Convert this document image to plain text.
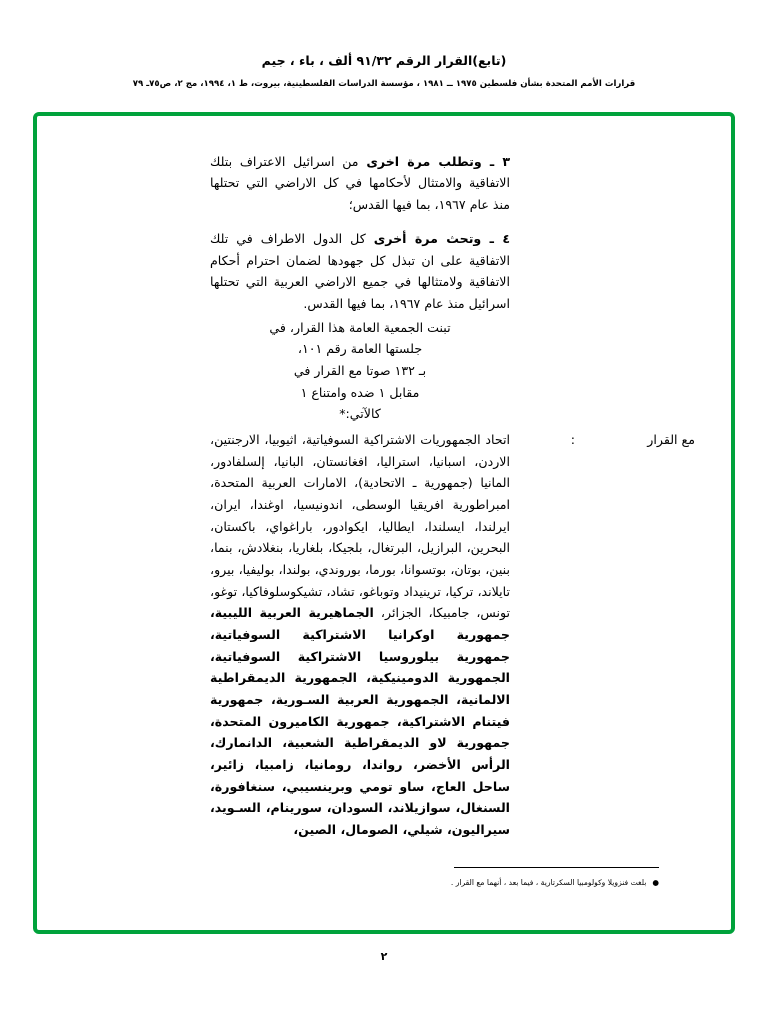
(تابع)القرار الرقم ٩١/٣٢ ألف ، باء ، جيم
قرارات الأمم المتحدة بشأن فلسطين ١٩٧٥ ــ ١٩٨١ ، مؤسسة الدراسات الفلسطينية، بيروت، ط ١، ١٩٩٤، مج ٢، ص٧٥ـ ٧٩

٣ ـ وتطلب مرة اخرى من اسرائيل الاعتراف بتلك الاتفاقية والامتثال لأحكامها في كل الاراضي التي تحتلها منذ عام ١٩٦٧، بما فيها القدس؛

٤ ـ وتحث مرة أخرى كل الدول الاطراف في تلك الاتفاقية على ان تبذل كل جهودها لضمان احترام أحكام الاتفاقية ولامتثالها في جميع الاراضي العربية التي تحتلها اسرائيل منذ عام ١٩٦٧، بما فيها القدس.

تبنت الجمعية العامة هذا القرار، في
جلستها العامة رقم ١٠١،
بـ ١٣٢ صوتا مع القرار في
مقابل ١ ضده وامتناع ١
كالآتي:*
مع القرار
:
اتحاد الجمهوريات الاشتراكية السوفياتية، اثيوبيا، الارجنتين، الاردن، اسبانيا، استراليا، افغانستان، البانيا، إلسلفادور، المانيا (جمهورية ـ الاتحادية)، الامارات العربية المتحدة، امبراطورية افريقيا الوسطى، اندونيسيا، اوغندا، ايران، ايرلندا، ايسلندا، ايطاليا، ايكوادور، باراغواي، باكستان، البحرين، البرازيل، البرتغال، بلجيكا، بلغاريا، بنغلادش، بنما، بنين، بوتان، بوتسوانا، بورما، بوروندي، بولندا، بوليفيا، بيرو، تايلاند، تركيا، ترينيداد وتوباغو، تشاد، تشيكوسلوفاكيا، توغو، تونس، جامبيكا، الجزائر، الجماهيرية العربية الليبية، جمهورية اوكرانيا الاشتراكية السوفياتية، جمهورية بيلوروسيا الاشتراكية السوفياتية، الجمهورية الدومينيكية، الجمهورية الديمقراطية الالمانية، الجمهورية العربية السـورية، جمهورية فيتنام الاشتراكية، جمهورية الكاميرون المتحدة، جمهورية لاو الديمقراطية الشعبية، الدانمارك، الرأس الأخضر، رواندا، رومانيا، زامبيا، زائير، ساحل العاج، ساو تومي وبرينسيبي، سنغافورة، السنغال، سوازيلاند، السودان، سورينام، السـويد، سيراليون، شيلي، الصومال، الصين،
●
بلغت فنزويلا وكولومبيا السكرتارية ، فيما بعد ، أنهما مع القرار .
٢
